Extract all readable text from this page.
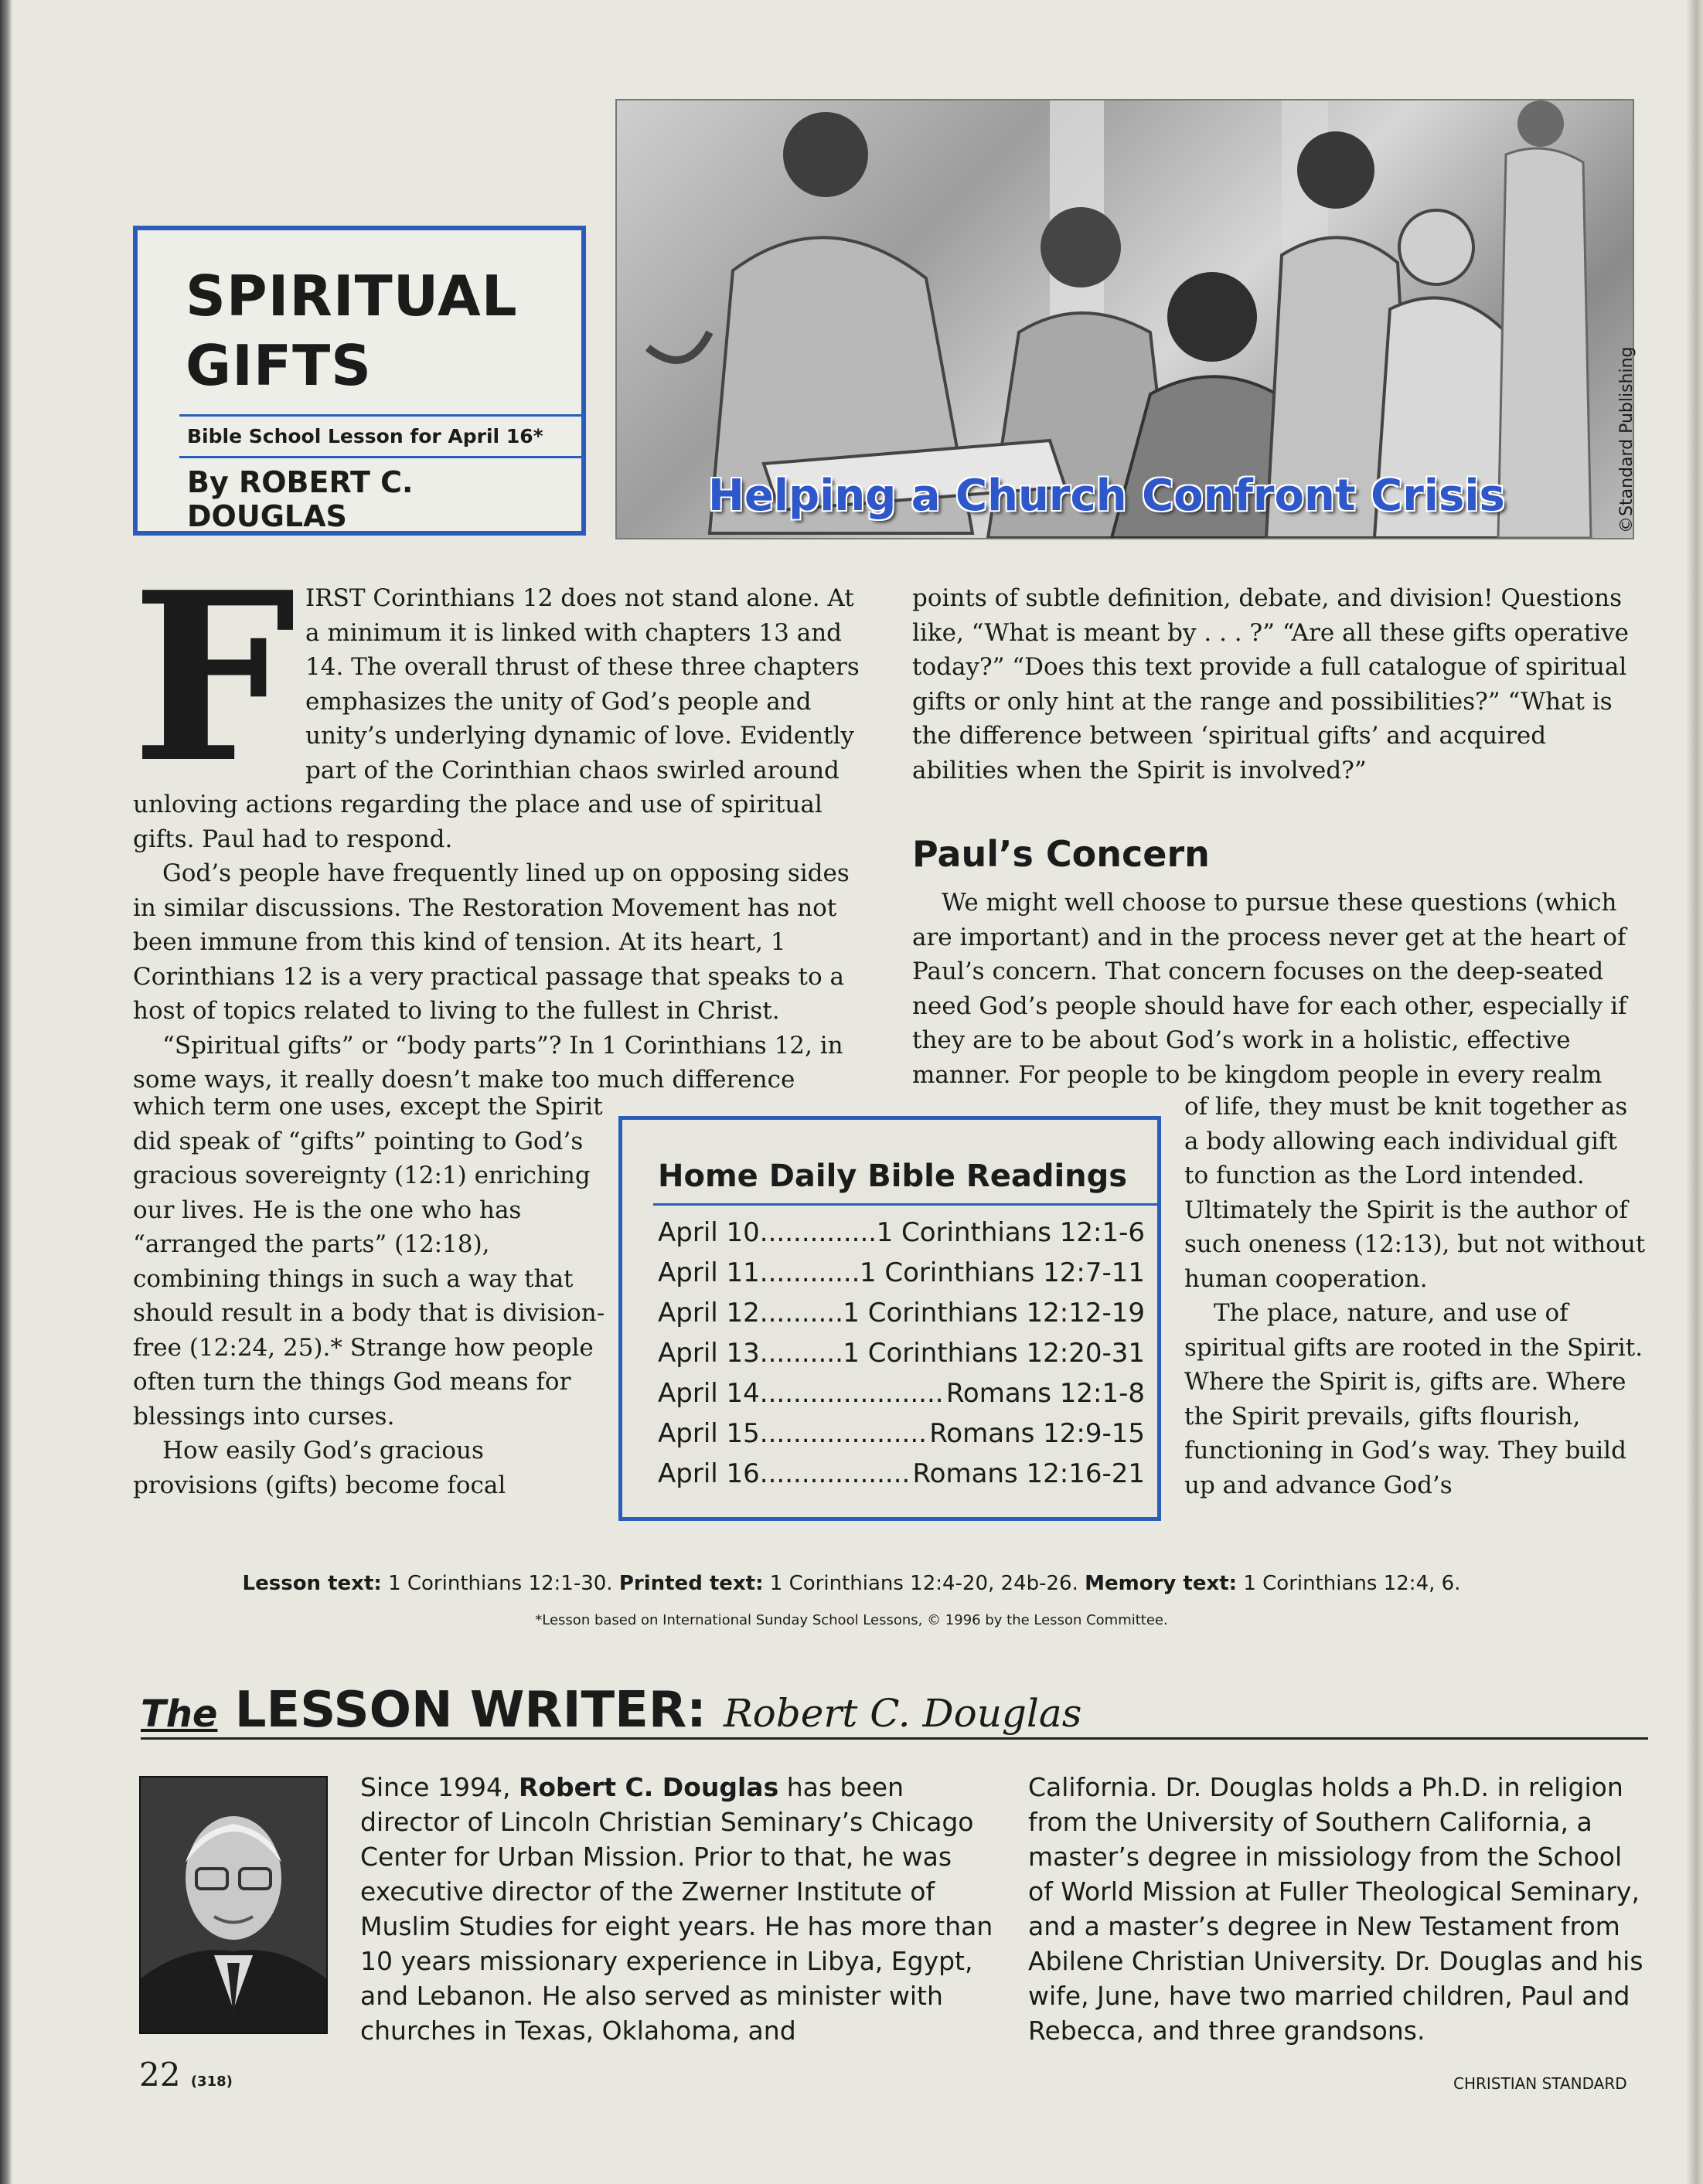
SPIRITUAL GIFTS
Bible School Lesson for April 16*
By ROBERT C. DOUGLAS	Helping a Church Confront Crisis	©Standard Publishing
F IRST Corinthians 12 does not stand alone. At a minimum it is linked with chapters 13 and 14. The overall thrust of these three chapters emphasizes the unity of God’s people and unity’s underlying dynamic of love. Evidently part of the Corinthian chaos swirled around unloving actions regarding the place and use of spiritual gifts. Paul had to respond.

God’s people have frequently lined up on opposing sides in similar discussions. The Restoration Movement has not been immune from this kind of tension. At its heart, 1 Corinthians 12 is a very practical passage that speaks to a host of topics related to living to the fullest in Christ.

“Spiritual gifts” or “body parts”? In 1 Corinthians 12, in some ways, it really doesn’t make too much difference

which term one uses, except the Spirit did speak of “gifts” pointing to God’s gracious sovereignty (12:1) enriching our lives. He is the one who has “arranged the parts” (12:18), combining things in such a way that should result in a body that is division-free (12:24, 25).* Strange how people often turn the things God means for blessings into curses.

How easily God’s gracious provisions (gifts) become focal

points of subtle definition, debate, and division! Questions like, “What is meant by . . . ?” “Are all these gifts operative today?” “Does this text provide a full catalogue of spiritual gifts or only hint at the range and possibilities?” “What is the difference between ‘spiritual gifts’ and acquired abilities when the Spirit is involved?”

Paul’s Concern

We might well choose to pursue these questions (which are important) and in the process never get at the heart of Paul’s concern. That concern focuses on the deep-seated need God’s people should have for each other, especially if they are to be about God’s work in a holistic, effective manner. For people to be kingdom people in every realm

of life, they must be knit together as a body allowing each individual gift to function as the Lord intended. Ultimately the Spirit is the author of such oneness (12:13), but not without human cooperation.

The place, nature, and use of spiritual gifts are rooted in the Spirit. Where the Spirit is, gifts are. Where the Spirit prevails, gifts flourish, functioning in God’s way. They build up and advance God’s

Home Daily Bible Readings
April 10 .....	1 Corinthians 12:1-6
April 11 .....	1 Corinthians 12:7-11
April 12 .....	1 Corinthians 12:12-19
April 13 .....	1 Corinthians 12:20-31
April 14 .....	Romans 12:1-8
April 15 .....	Romans 12:9-15
April 16 .....	Romans 12:16-21
Lesson text: 1 Corinthians 12:1-30. Printed text: 1 Corinthians 12:4-20, 24b-26. Memory text: 1 Corinthians 12:4, 6.
*Lesson based on International Sunday School Lessons, © 1996 by the Lesson Committee.
The LESSON WRITER: Robert C. Douglas

Since 1994, Robert C. Douglas has been director of Lincoln Christian Seminary’s Chicago Center for Urban Mission. Prior to that, he was executive director of the Zwerner Institute of Muslim Studies for eight years. He has more than 10 years missionary experience in Libya, Egypt, and Lebanon. He also served as minister with churches in Texas, Oklahoma, and

California. Dr. Douglas holds a Ph.D. in religion from the University of Southern California, a master’s degree in missiology from the School of World Mission at Fuller Theological Seminary, and a master’s degree in New Testament from Abilene Christian University. Dr. Douglas and his wife, June, have two married children, Paul and Rebecca, and three grandsons.

22 (318)	CHRISTIAN STANDARD
